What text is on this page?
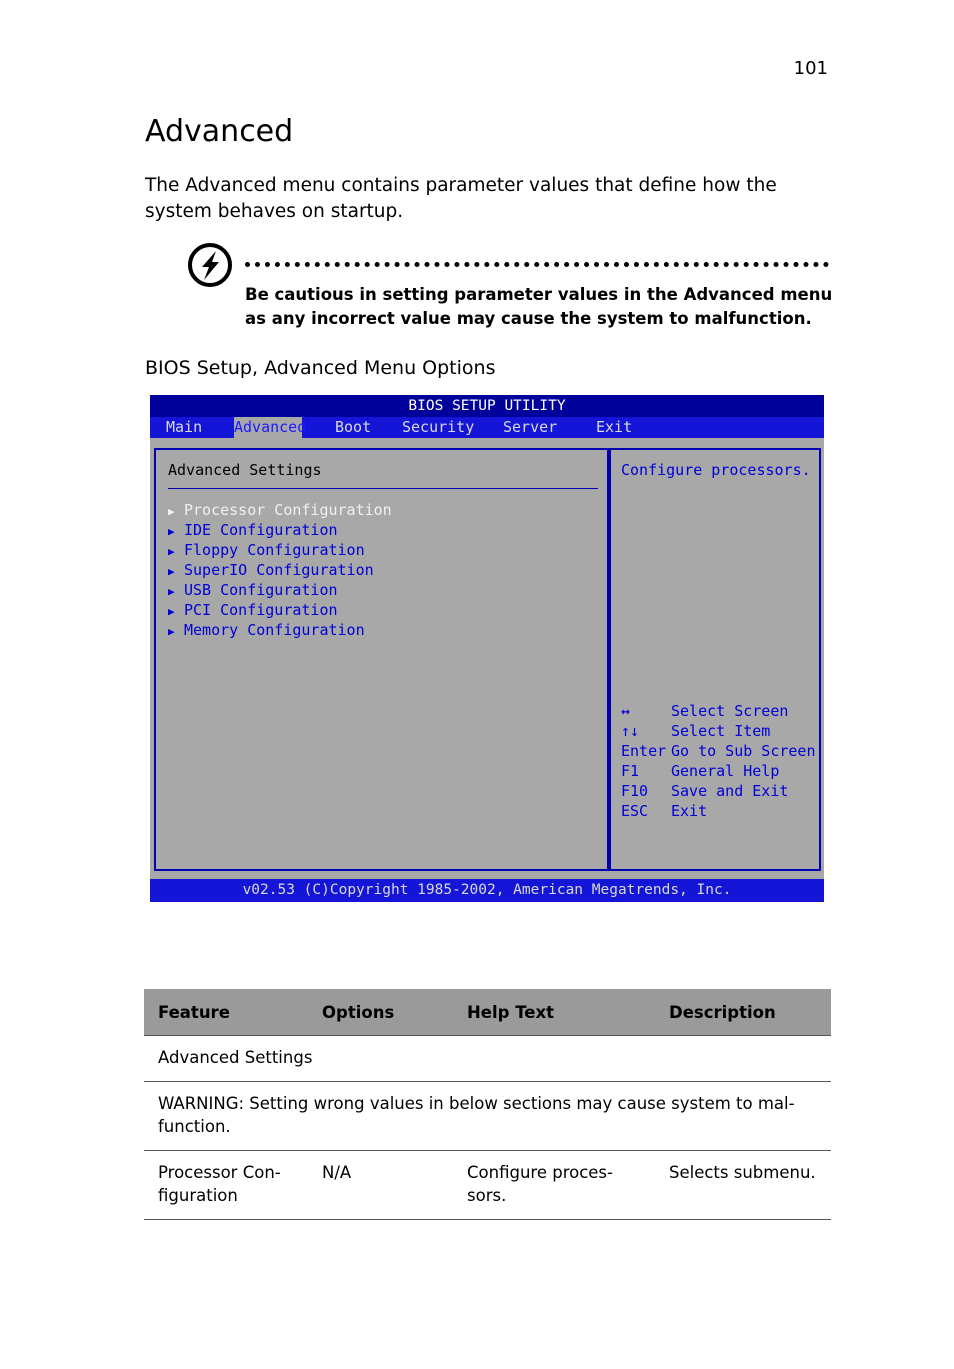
101
Advanced

The Advanced menu contains parameter values that define how the system behaves on startup.

Be cautious in setting parameter values in the Advanced menu as any incorrect value may cause the system to malfunction.

BIOS Setup, Advanced Menu Options

BIOS SETUP UTILITY
Main Advanced Boot Security Server	Exit
Advanced Settings
▶ Processor Configuration
▶ IDE Configuration
▶ Floppy Configuration
▶ SuperIO Configuration
▶ USB Configuration
▶ PCI Configuration
▶ Memory Configuration
Configure processors.
↔	Select Screen
↑↓ Select Item
Enter Go to Sub Screen
F1 General Help
F10 Save and Exit
ESC Exit
v02.53 (C)Copyright 1985-2002, American Megatrends, Inc.
Feature	Options	Help Text	Description
Advanced Settings			
WARNING: Setting wrong values in below sections may cause system to mal-function.			
Processor Con-figuration	N/A	Configure proces-sors.	Selects submenu.
